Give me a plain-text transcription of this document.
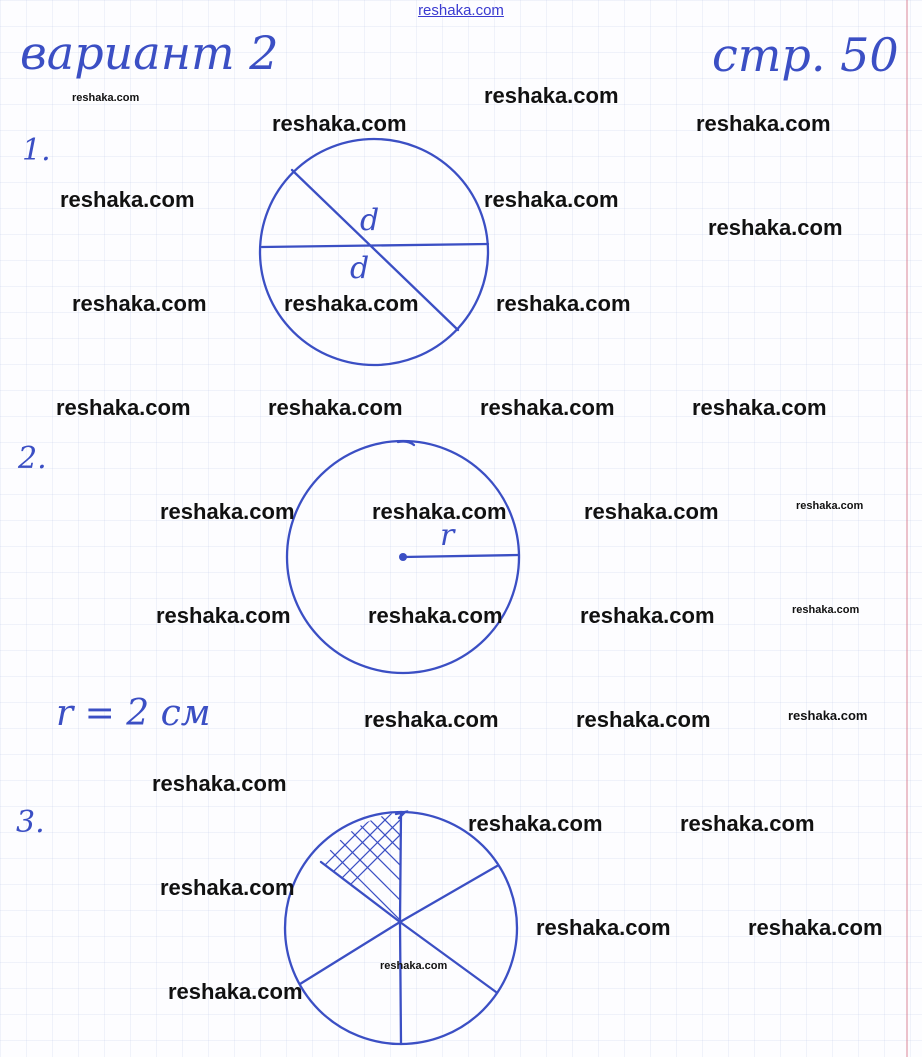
reshaka.com
вариант 2	стр. 50
1.
2.
r = 2 см
3.
d
d
r
reshaka.com	reshaka.com
reshaka.com	reshaka.com
reshaka.com	reshaka.com
reshaka.com
reshaka.com	reshaka.com	reshaka.com
reshaka.com	reshaka.com	reshaka.com	reshaka.com
reshaka.com	reshaka.com	reshaka.com	reshaka.com
reshaka.com	reshaka.com	reshaka.com	reshaka.com
reshaka.com	reshaka.com	reshaka.com
reshaka.com
reshaka.com	reshaka.com
reshaka.com
reshaka.com	reshaka.com
reshaka.com
reshaka.com
